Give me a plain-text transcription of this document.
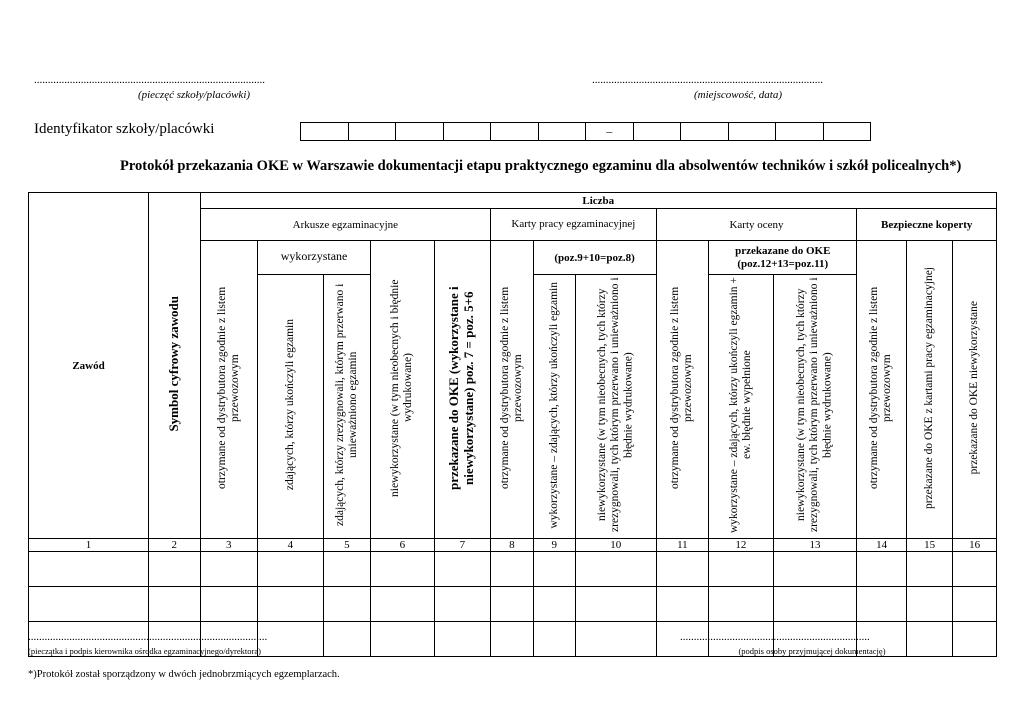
....................................................................................
(pieczęć szkoły/placówki)
....................................................................................
(miejscowość, data)
Identyfikator szkoły/placówki
							–					
Protokół przekazania OKE w Warszawie dokumentacji etapu praktycznego egzaminu dla absolwentów techników i szkół policealnych*)
Zawód	Symbol cyfrowy zawodu	Liczba													
		Arkusze egzaminacyjne					Karty pracy egzaminacyjnej			Karty oceny			Bezpieczne koperty		
		otrzymane od dystrybutora zgodnie z listem przewozowym	wykorzystane		niewykorzystane (w tym nieobecnych i błędnie wydrukowane)	przekazane do OKE (wykorzystane i niewykorzystane) poz. 7 = poz. 5+6	otrzymane od dystrybutora zgodnie z listem przewozowym	(poz.9+10=poz.8)		otrzymane od dystrybutora zgodnie z listem przewozowym	przekazane do OKE (poz.12+13=poz.11)		otrzymane od dystrybutora zgodnie z listem przewozowym	przekazane do OKE z kartami pracy egzaminacyjnej	przekazane do OKE niewykorzystane
			zdających, którzy ukończyli egzamin	zdających, którzy zrezygnowali, którym przerwano i unieważniono egzamin				wykorzystane – zdających, którzy ukończyli egzamin	niewykorzystane (w tym nieobecnych, tych którzy zrezygnowali, tych którym przerwano i unieważniono i błędnie wydrukowane)		wykorzystane – zdających, którzy ukończyli egzamin + ew. błędnie wypełnione	niewykorzystane (w tym nieobecnych, tych którzy zrezygnowali, tych którym przerwano i unieważniono i błędnie wydrukowane)			
1	2	3	4	5	6	7	8	9	10	11	12	13	14	15	16

.......................................................................................
(pieczątka i podpis kierownika ośrodka egzaminacyjnego/dyrektora)
.....................................................................
(podpis osoby przyjmującej dokumentację)
*)Protokół został sporządzony w dwóch jednobrzmiących egzemplarzach.
